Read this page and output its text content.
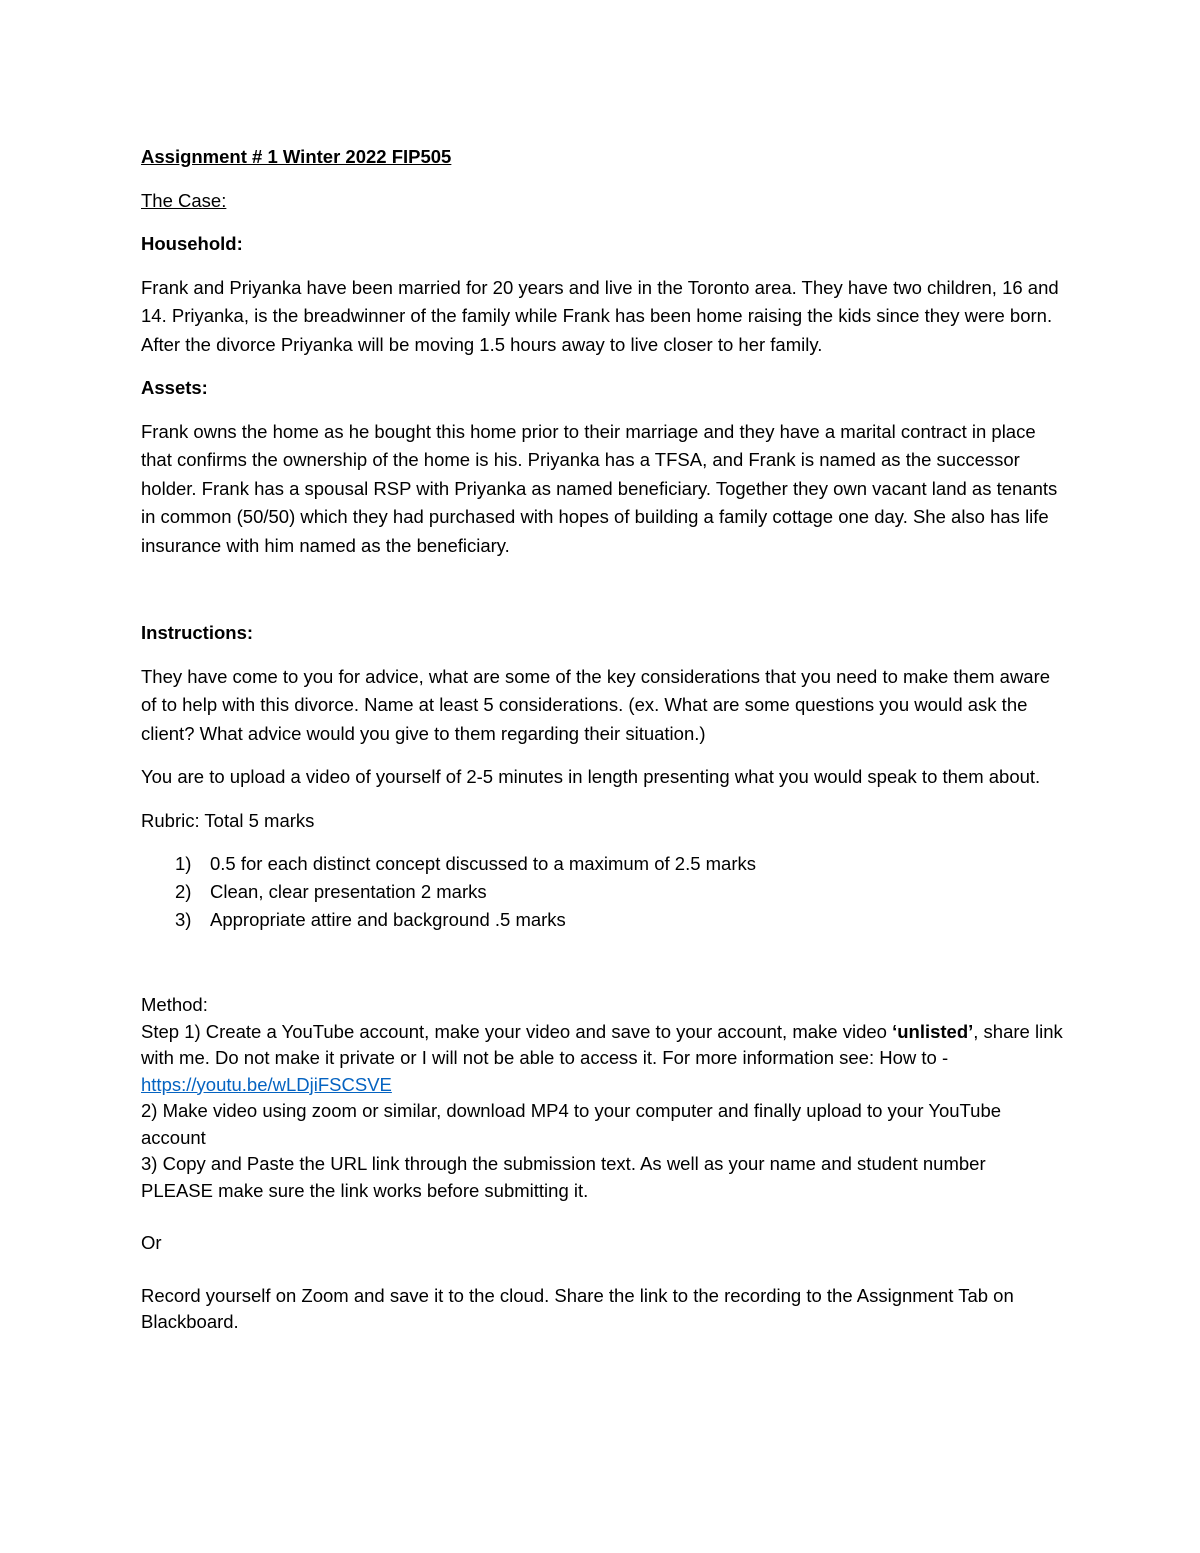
Assignment # 1 Winter 2022 FIP505

The Case:

Household:

Frank and Priyanka have been married for 20 years and live in the Toronto area. They have two children, 16 and 14. Priyanka, is the breadwinner of the family while Frank has been home raising the kids since they were born. After the divorce Priyanka will be moving 1.5 hours away to live closer to her family.

Assets:

Frank owns the home as he bought this home prior to their marriage and they have a marital contract in place that confirms the ownership of the home is his. Priyanka has a TFSA, and Frank is named as the successor holder. Frank has a spousal RSP with Priyanka as named beneficiary. Together they own vacant land as tenants in common (50/50) which they had purchased with hopes of building a family cottage one day. She also has life insurance with him named as the beneficiary.

Instructions:

They have come to you for advice, what are some of the key considerations that you need to make them aware of to help with this divorce. Name at least 5 considerations. (ex. What are some questions you would ask the client? What advice would you give to them regarding their situation.)

You are to upload a video of yourself of 2-5 minutes in length presenting what you would speak to them about.

Rubric: Total 5 marks

1)	0.5 for each distinct concept discussed to a maximum of 2.5 marks
2)	Clean, clear presentation 2 marks
3)	Appropriate attire and background .5 marks

Method:

Step 1) Create a YouTube account, make your video and save to your account, make video ‘unlisted’, share link with me. Do not make it private or I will not be able to access it. For more information see: How to - https://youtu.be/wLDjiFSCSVE

2) Make video using zoom or similar, download MP4 to your computer and finally upload to your YouTube account

3) Copy and Paste the URL link through the submission text. As well as your name and student number

PLEASE make sure the link works before submitting it.

Or

Record yourself on Zoom and save it to the cloud. Share the link to the recording to the Assignment Tab on Blackboard.
